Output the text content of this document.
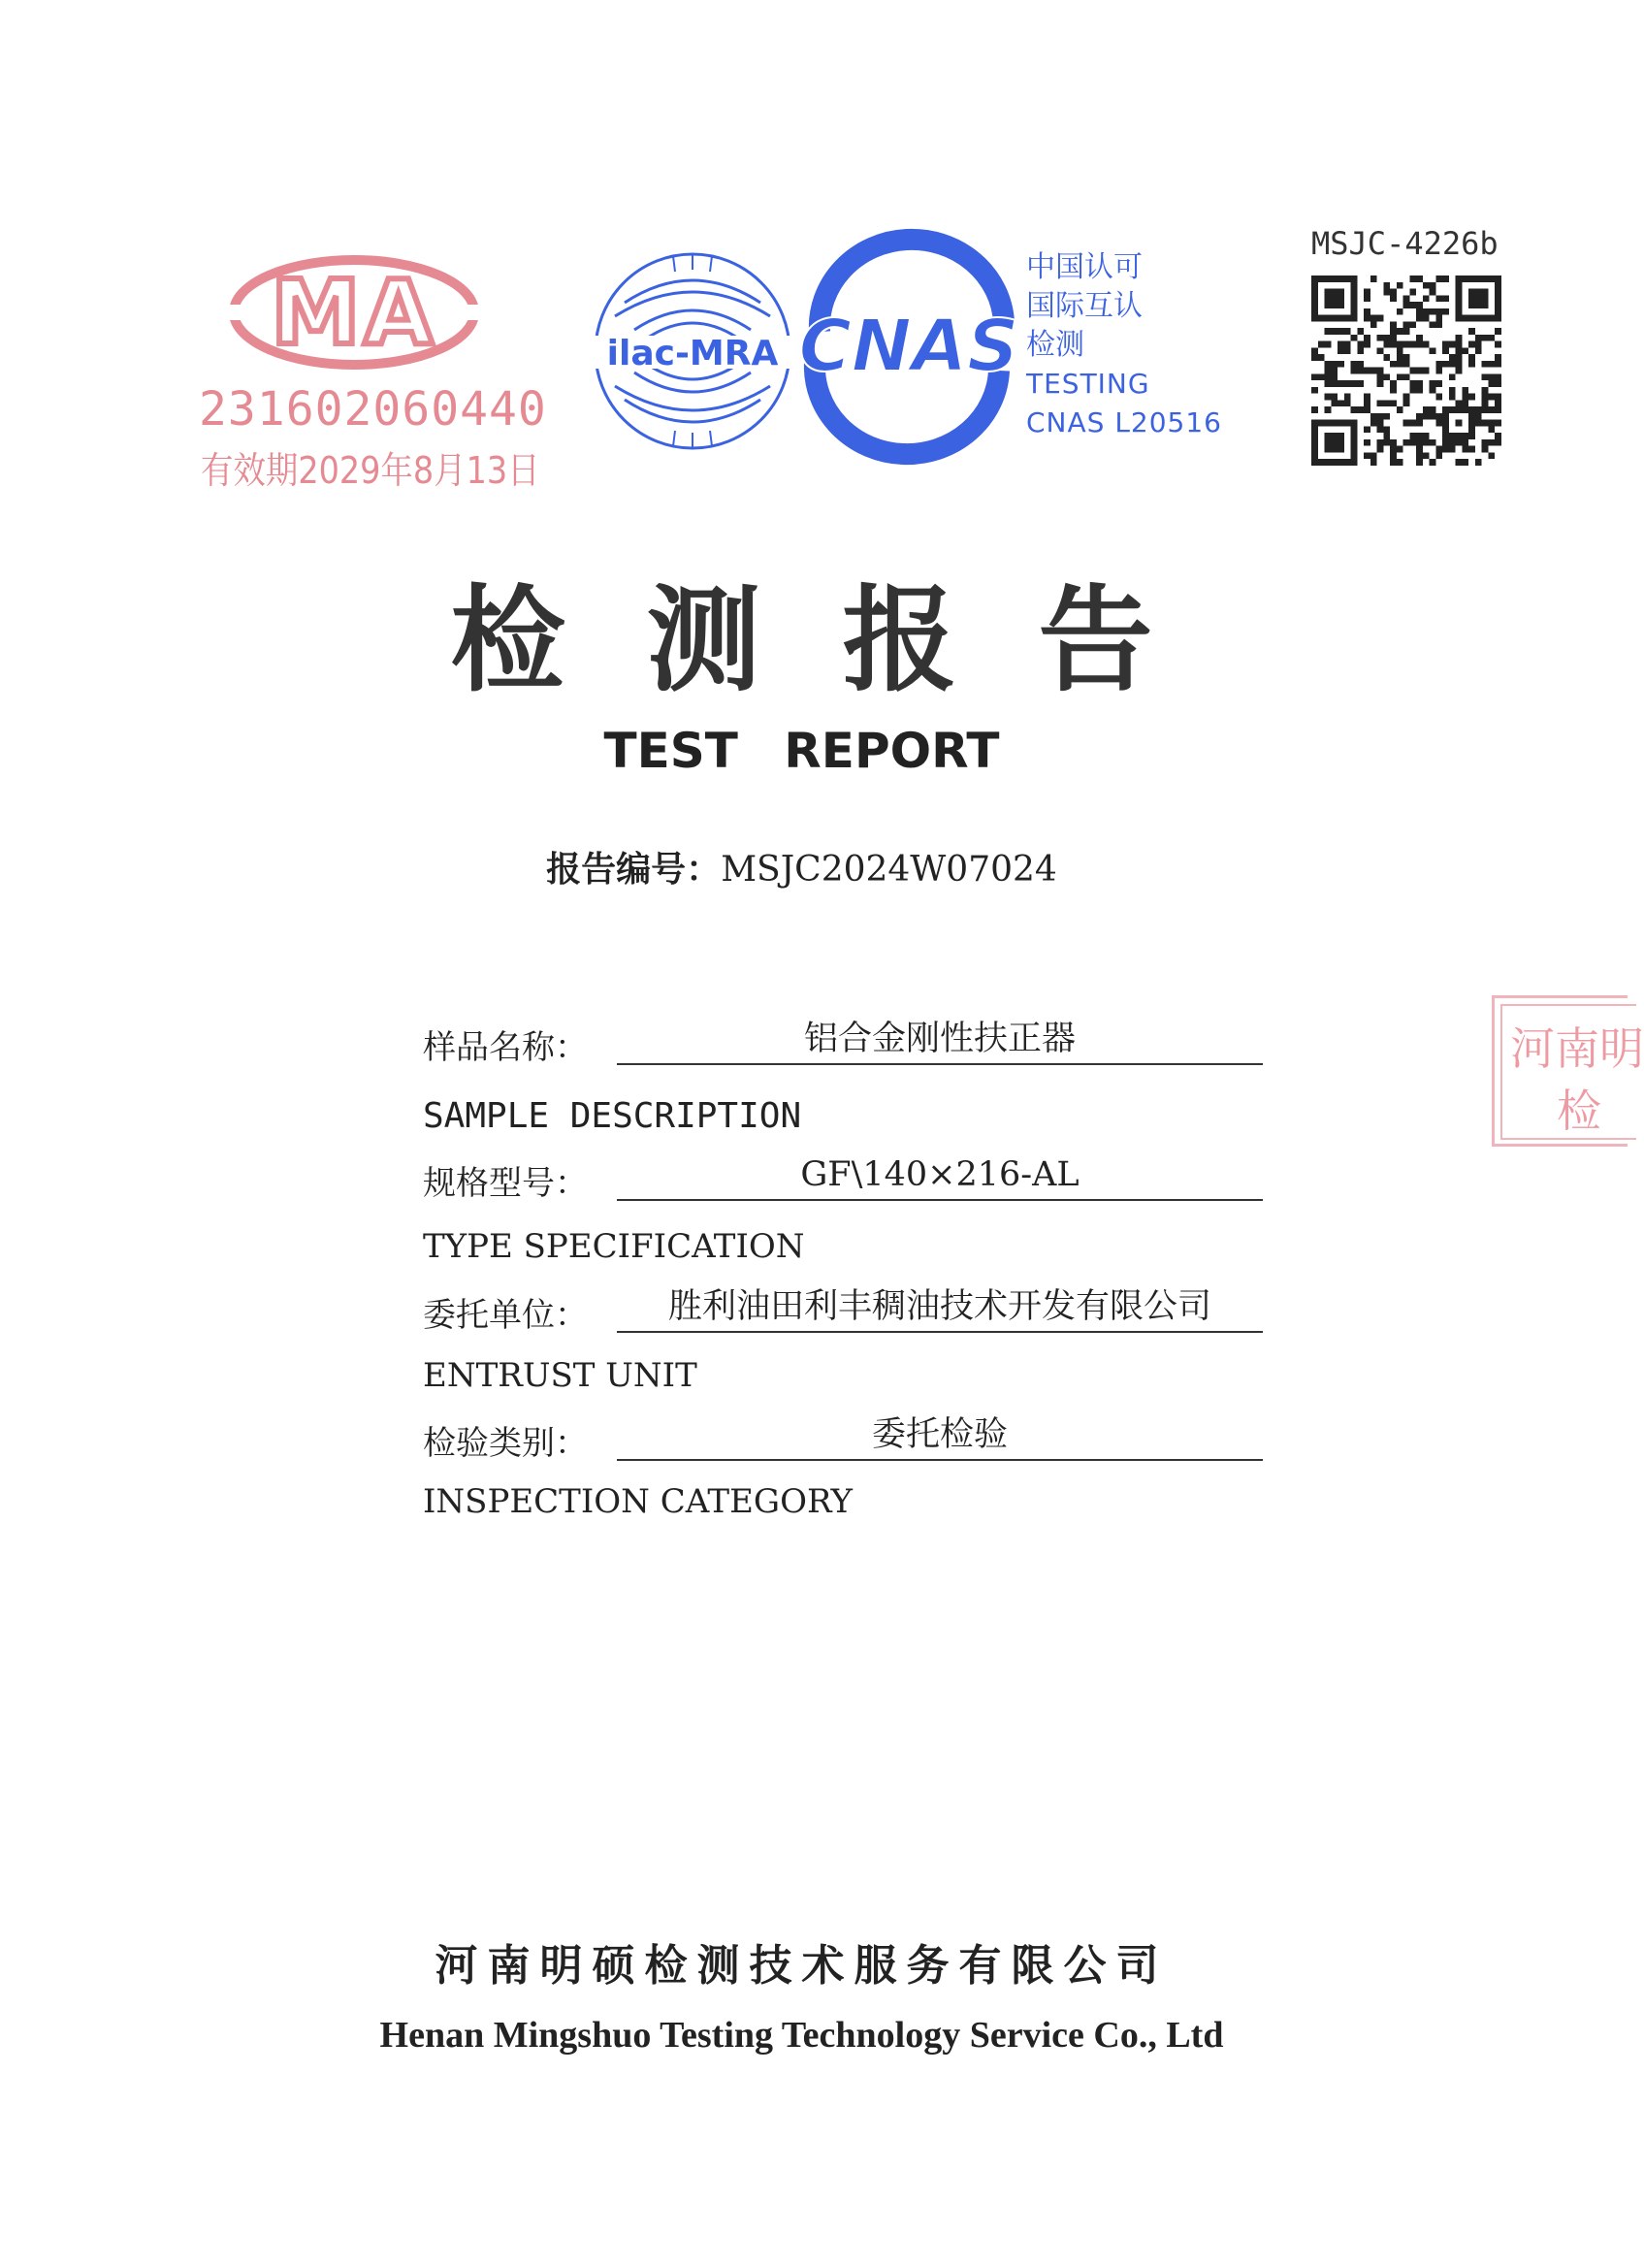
MA
231602060440
有效期2029年8月13日
ilac-MRA CNAS
中国认可
国际互认
检测
TESTING
CNAS L20516
MSJC-4226b
检测报告
TEST REPORT
报告编号：MSJC2024W07024
样品名称：	铝合金刚性扶正器
SAMPLE DESCRIPTION
规格型号：	GF\140×216-AL
TYPE SPECIFICATION
委托单位：	胜利油田利丰稠油技术开发有限公司
ENTRUST UNIT
检验类别：	委托检验
INSPECTION CATEGORY
河南明
检
河南明硕检测技术服务有限公司
Henan Mingshuo Testing Technology Service Co., Ltd
